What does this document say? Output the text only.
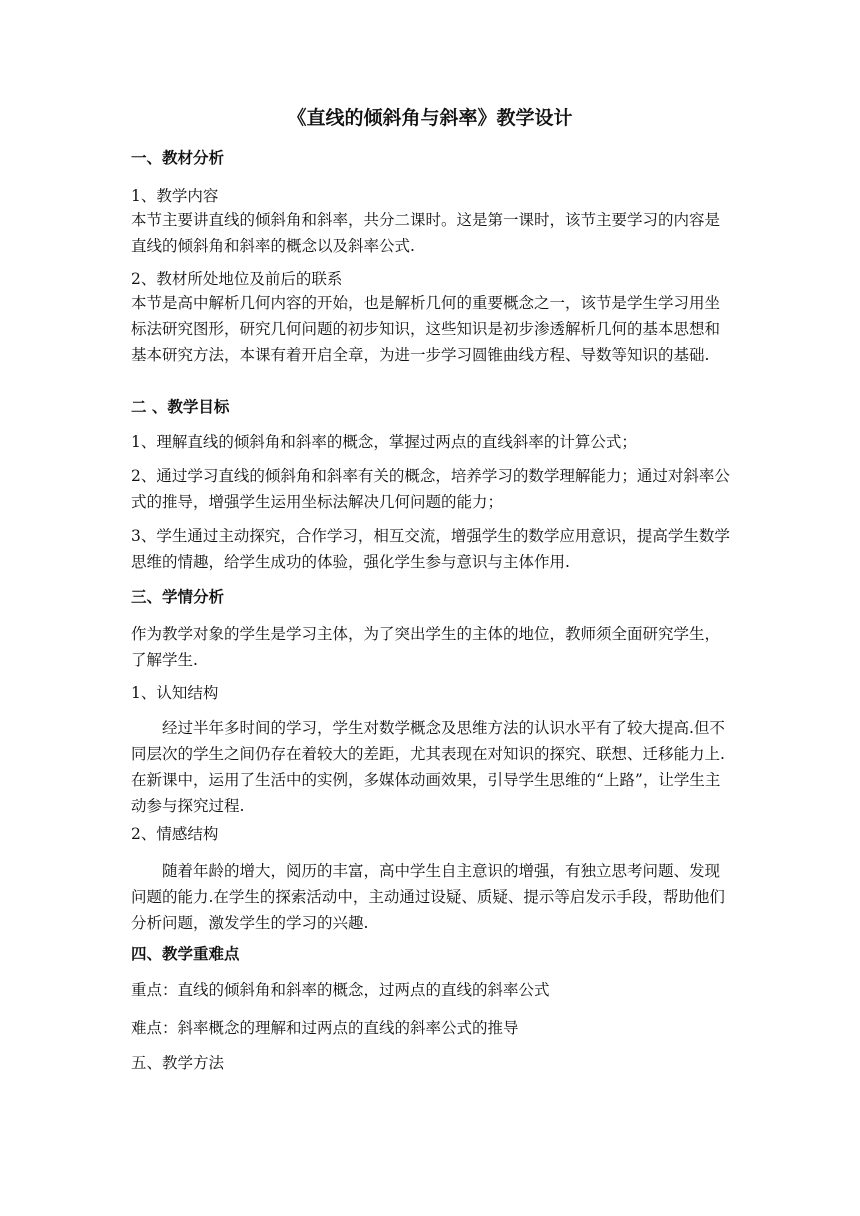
《直线的倾斜角与斜率》教学设计
一、教材分析
1、教学内容
本节主要讲直线的倾斜角和斜率，共分二课时。这是第一课时，该节主要学习的内容是直线的倾斜角和斜率的概念以及斜率公式.
2、教材所处地位及前后的联系
本节是高中解析几何内容的开始，也是解析几何的重要概念之一，该节是学生学习用坐标法研究图形，研究几何问题的初步知识，这些知识是初步渗透解析几何的基本思想和基本研究方法，本课有着开启全章，为进一步学习圆锥曲线方程、导数等知识的基础.
二 、教学目标
1、理解直线的倾斜角和斜率的概念，掌握过两点的直线斜率的计算公式；
2、通过学习直线的倾斜角和斜率有关的概念，培养学习的数学理解能力；通过对斜率公式的推导，增强学生运用坐标法解决几何问题的能力；
3、学生通过主动探究，合作学习，相互交流，增强学生的数学应用意识，提高学生数学思维的情趣，给学生成功的体验，强化学生参与意识与主体作用.
三、学情分析
作为教学对象的学生是学习主体，为了突出学生的主体的地位，教师须全面研究学生，了解学生.
1、认知结构
经过半年多时间的学习，学生对数学概念及思维方法的认识水平有了较大提高.但不同层次的学生之间仍存在着较大的差距，尤其表现在对知识的探究、联想、迁移能力上.在新课中，运用了生活中的实例，多媒体动画效果，引导学生思维的“上路”，让学生主动参与探究过程.
2、情感结构
随着年龄的增大，阅历的丰富，高中学生自主意识的增强，有独立思考问题、发现问题的能力.在学生的探索活动中，主动通过设疑、质疑、提示等启发示手段，帮助他们分析问题，激发学生的学习的兴趣.
四、教学重难点
重点：直线的倾斜角和斜率的概念，过两点的直线的斜率公式
难点：斜率概念的理解和过两点的直线的斜率公式的推导
五、教学方法
